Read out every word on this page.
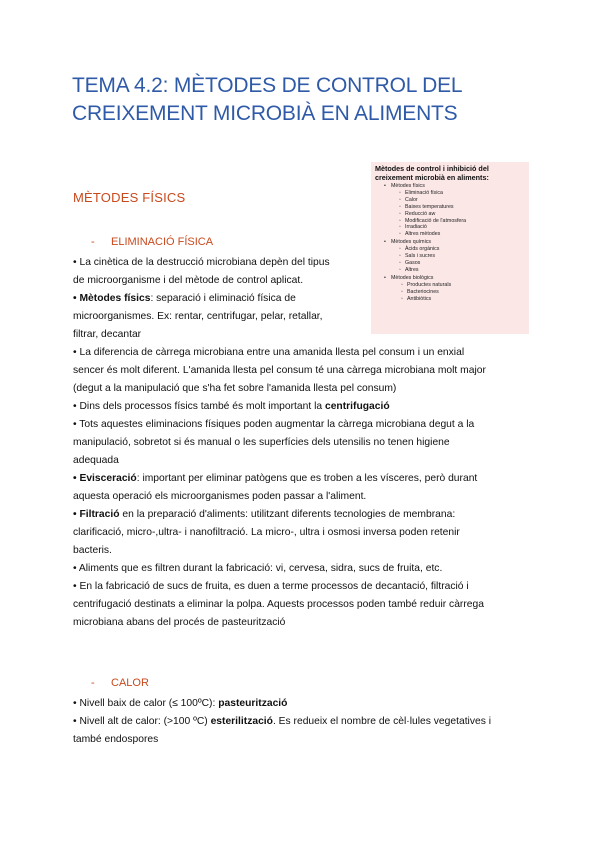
TEMA 4.2: MÈTODES DE CONTROL DEL
CREIXEMENT MICROBIÀ EN ALIMENTS

Mètodes de control i inhibició del
creixement microbià en aliments:

• Mètodes físics
◦ Eliminació física
◦ Calor
◦ Baixes temperatures
◦ Reducció aw
◦ Modificació de l'atmosfera
◦ Irradiació
◦ Altres mètodes
• Mètodes químics
◦ Àcids orgànics
◦ Sals i sucres
◦ Gasos
◦ Altres
• Mètodes biològics
◦ Productes naturals
◦ Bacteriocines
◦ Antibiòtics
MÈTODES FÍSICS
-	ELIMINACIÓ FÍSICA
• La cinètica de la destrucció microbiana depèn del tipus
de microorganisme i del mètode de control aplicat.
• Mètodes físics: separació i eliminació física de
microorganismes. Ex: rentar, centrifugar, pelar, retallar,
filtrar, decantar
• La diferencia de càrrega microbiana entre una amanida llesta pel consum i un enxial
sencer és molt diferent. L'amanida llesta pel consum té una càrrega microbiana molt major
(degut a la manipulació que s'ha fet sobre l'amanida llesta pel consum)
• Dins dels processos físics també és molt important la centrifugació
• Tots aquestes eliminacions físiques poden augmentar la càrrega microbiana degut a la
manipulació, sobretot si és manual o les superfícies dels utensilis no tenen higiene
adequada
• Evisceració: important per eliminar patògens que es troben a les vísceres, però durant
aquesta operació els microorganismes poden passar a l'aliment.
• Filtració en la preparació d'aliments: utilitzant diferents tecnologies de membrana:
clarificació, micro-,ultra- i nanofiltració. La micro-, ultra i osmosi inversa poden retenir
bacteris.
• Aliments que es filtren durant la fabricació: vi, cervesa, sidra, sucs de fruita, etc.
• En la fabricació de sucs de fruita, es duen a terme processos de decantació, filtració i
centrifugació destinats a eliminar la polpa. Aquests processos poden també reduir càrrega
microbiana abans del procés de pasteurització
-	CALOR
• Nivell baix de calor (≤ 100ºC): pasteurització
• Nivell alt de calor: (>100 ºC) esterilització. Es redueix el nombre de cèl·lules vegetatives i
també endospores
